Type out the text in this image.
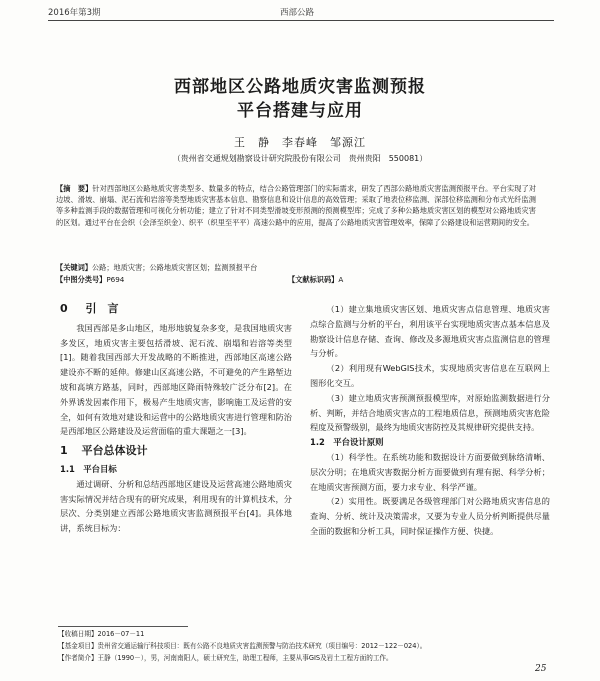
2016年第3期	西部公路
西部地区公路地质灾害监测预报
平台搭建与应用
王　静　李春峰　邹源江
（贵州省交通规划勘察设计研究院股份有限公司　贵州贵阳　550081）
【摘　要】针对西部地区公路地质灾害类型多、数量多的特点，结合公路管理部门的实际需求，研发了西部公路地质灾害监测预报平台。平台实现了对边坡、滑坡、崩塌、泥石流和岩溶等类型地质灾害基本信息、勘察信息和设计信息的高效管理；采取了地表位移监测、深部位移监测和分布式光纤监测等多种监测手段的数据管理和可视化分析功能；建立了针对不同类型滑坡变形预测的预测模型库；完成了多种公路地质灾害区划的模型对公路地质灾害的区划。通过平台在会织（会泽至织金）、织平（织里至平平）高速公路中的应用，提高了公路地质灾害管理效率，保障了公路建设和运营期间的安全。
【关键词】公路；地质灾害；公路地质灾害区划；监测预报平台
【中图分类号】P694	【文献标识码】A
0 引　言

我国西部是多山地区，地形地貌复杂多变，是我国地质灾害多发区，地质灾害主要包括滑坡、泥石流、崩塌和岩溶等类型[1]。随着我国西部大开发战略的不断推进，西部地区高速公路建设亦不断的延伸。修建山区高速公路，不可避免的产生路堑边坡和高填方路基，同时，西部地区降雨特殊较广泛分布[2]。在外界诱发因素作用下，极易产生地质灾害，影响施工及运营的安全，如何有效地对建设和运营中的公路地质灾害进行管理和防治是西部地区公路建设及运营面临的重大课题之一[3]。

1 平台总体设计
1.1　平台目标

通过调研、分析和总结西部地区建设及运营高速公路地质灾害实际情况并结合现有的研究成果，利用现有的计算机技术，分层次、分类别建立西部公路地质灾害监测预报平台[4]。具体地讲，系统目标为：

（1）建立集地质灾害区划、地质灾害点信息管理、地质灾害点综合监测与分析的平台，利用该平台实现地质灾害点基本信息及勘察设计信息存储、查询、修改及多源地质灾害点监测信息的管理与分析。

（2）利用现有WebGIS技术，实现地质灾害信息在互联网上图形化交互。

（3）建立地质灾害预测预报模型库，对原始监测数据进行分析、判断，并结合地质灾害点的工程地质信息，预测地质灾害危险程度及预警级别，最终为地质灾害防控及其规律研究提供支持。

1.2　平台设计原则

（1）科学性。在系统功能和数据设计方面要做到脉络清晰、层次分明；在地质灾害数据分析方面要做到有理有据、科学分析；在地质灾害预测方面，要力求专业、科学严谨。

（2）实用性。既要满足各级管理部门对公路地质灾害信息的查询、分析、统计及决策需求，又要为专业人员分析判断提供尽量全面的数据和分析工具，同时保证操作方便、快捷。

【收稿日期】2016－07－11
【基金项目】贵州省交通运输厅科技项目：既有公路不良地质灾害监测预警与防治技术研究（项目编号：2012－122－024）。
【作者简介】王静（1990－），男，河南南阳人，硕士研究生，助理工程师，主要从事GIS及岩土工程方面的工作。
25
